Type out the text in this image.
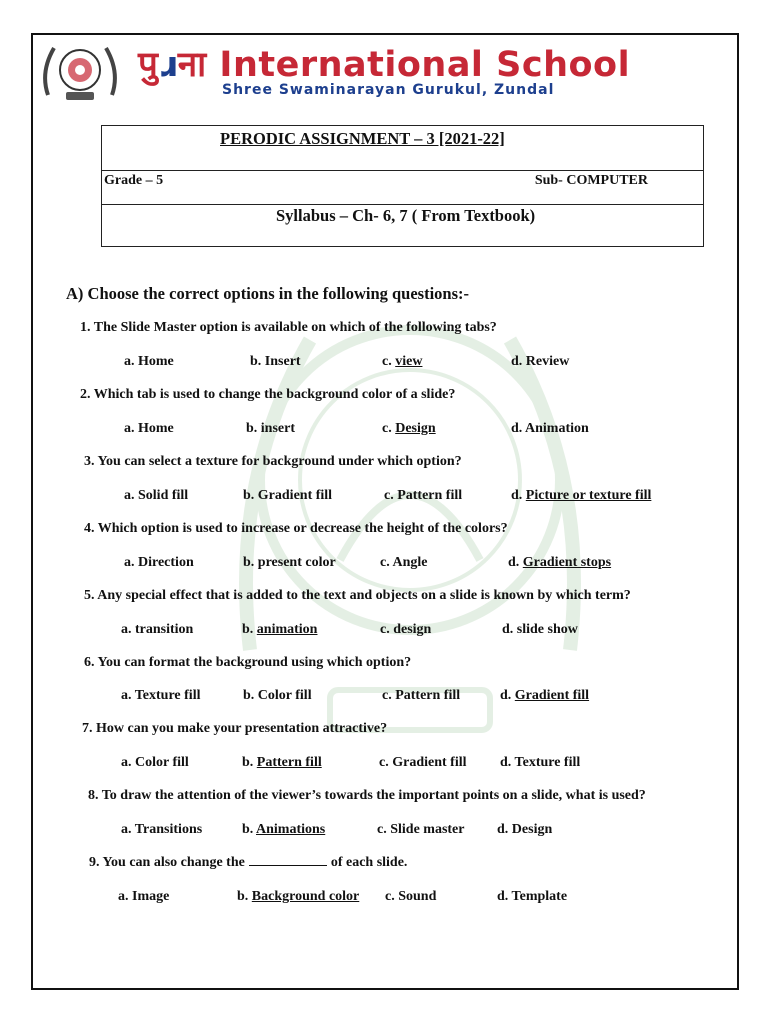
पुɹना International School
Shree Swaminarayan Gurukul, Zundal
PERODIC ASSIGNMENT – 3 [2021-22]
Grade – 5	Sub- COMPUTER
Syllabus – Ch- 6, 7 ( From Textbook)
A) Choose the correct options in the following questions:-
1. The Slide Master option is available on which of the following tabs?
a. Home	b. Insert	c. view	d. Review
2. Which tab is used to change the background color of a slide?
a. Home	b. insert	c. Design	d. Animation
3. You can select a texture for background under which option?
a. Solid fill	b. Gradient fill	c. Pattern fill	d. Picture or texture fill
4. Which option is used to increase or decrease the height of the colors?
a. Direction	b. present color	c. Angle	d. Gradient stops
5. Any special effect that is added to the text and objects on a slide is known by which term?
a. transition	b. animation	c. design	d. slide show
6. You can format the background using which option?
a. Texture fill	b. Color fill	c. Pattern fill	d. Gradient fill
7. How can you make your presentation attractive?
a. Color fill	b. Pattern fill	c. Gradient fill d. Texture fill
8. To draw the attention of the viewer’s towards the important points on a slide, what is used?
a. Transitions	b. Animations	c. Slide master d. Design
9. You can also change the	of each slide.
a. Image	b. Background color c. Sound	d. Template
